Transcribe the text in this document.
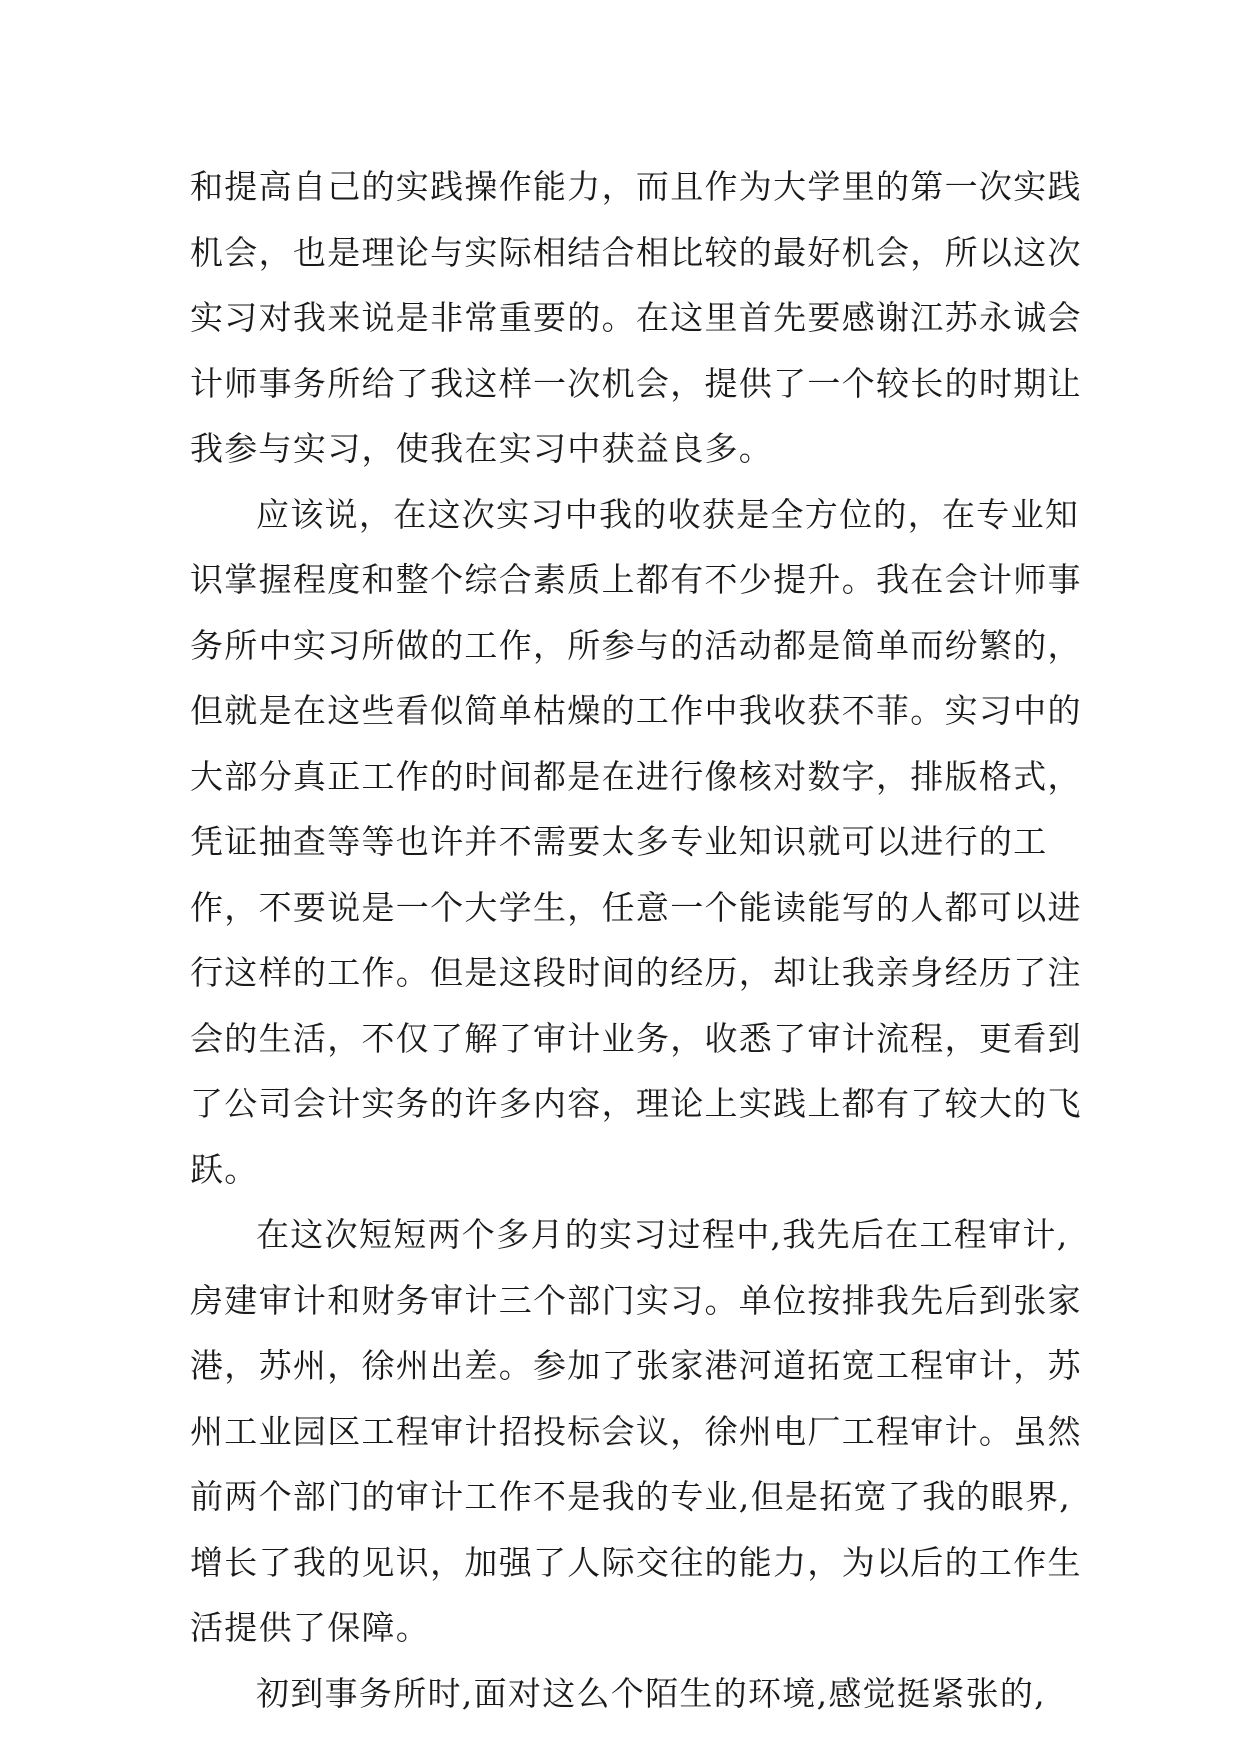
和提高自己的实践操作能力，而且作为大学里的第一次实践
机会，也是理论与实际相结合相比较的最好机会，所以这次
实习对我来说是非常重要的。在这里首先要感谢江苏永诚会
计师事务所给了我这样一次机会，提供了一个较长的时期让
我参与实习，使我在实习中获益良多。
应该说，在这次实习中我的收获是全方位的，在专业知
识掌握程度和整个综合素质上都有不少提升。我在会计师事
务所中实习所做的工作，所参与的活动都是简单而纷繁的，
但就是在这些看似简单枯燥的工作中我收获不菲。实习中的
大部分真正工作的时间都是在进行像核对数字，排版格式，
凭证抽查等等也许并不需要太多专业知识就可以进行的工
作，不要说是一个大学生，任意一个能读能写的人都可以进
行这样的工作。但是这段时间的经历，却让我亲身经历了注
会的生活，不仅了解了审计业务，收悉了审计流程，更看到
了公司会计实务的许多内容，理论上实践上都有了较大的飞
跃。
在这次短短两个多月的实习过程中,我先后在工程审计,
房建审计和财务审计三个部门实习。单位按排我先后到张家
港，苏州，徐州出差。参加了张家港河道拓宽工程审计，苏
州工业园区工程审计招投标会议，徐州电厂工程审计。虽然
前两个部门的审计工作不是我的专业,但是拓宽了我的眼界,
增长了我的见识，加强了人际交往的能力，为以后的工作生
活提供了保障。
初到事务所时,面对这么个陌生的环境,感觉挺紧张的,
